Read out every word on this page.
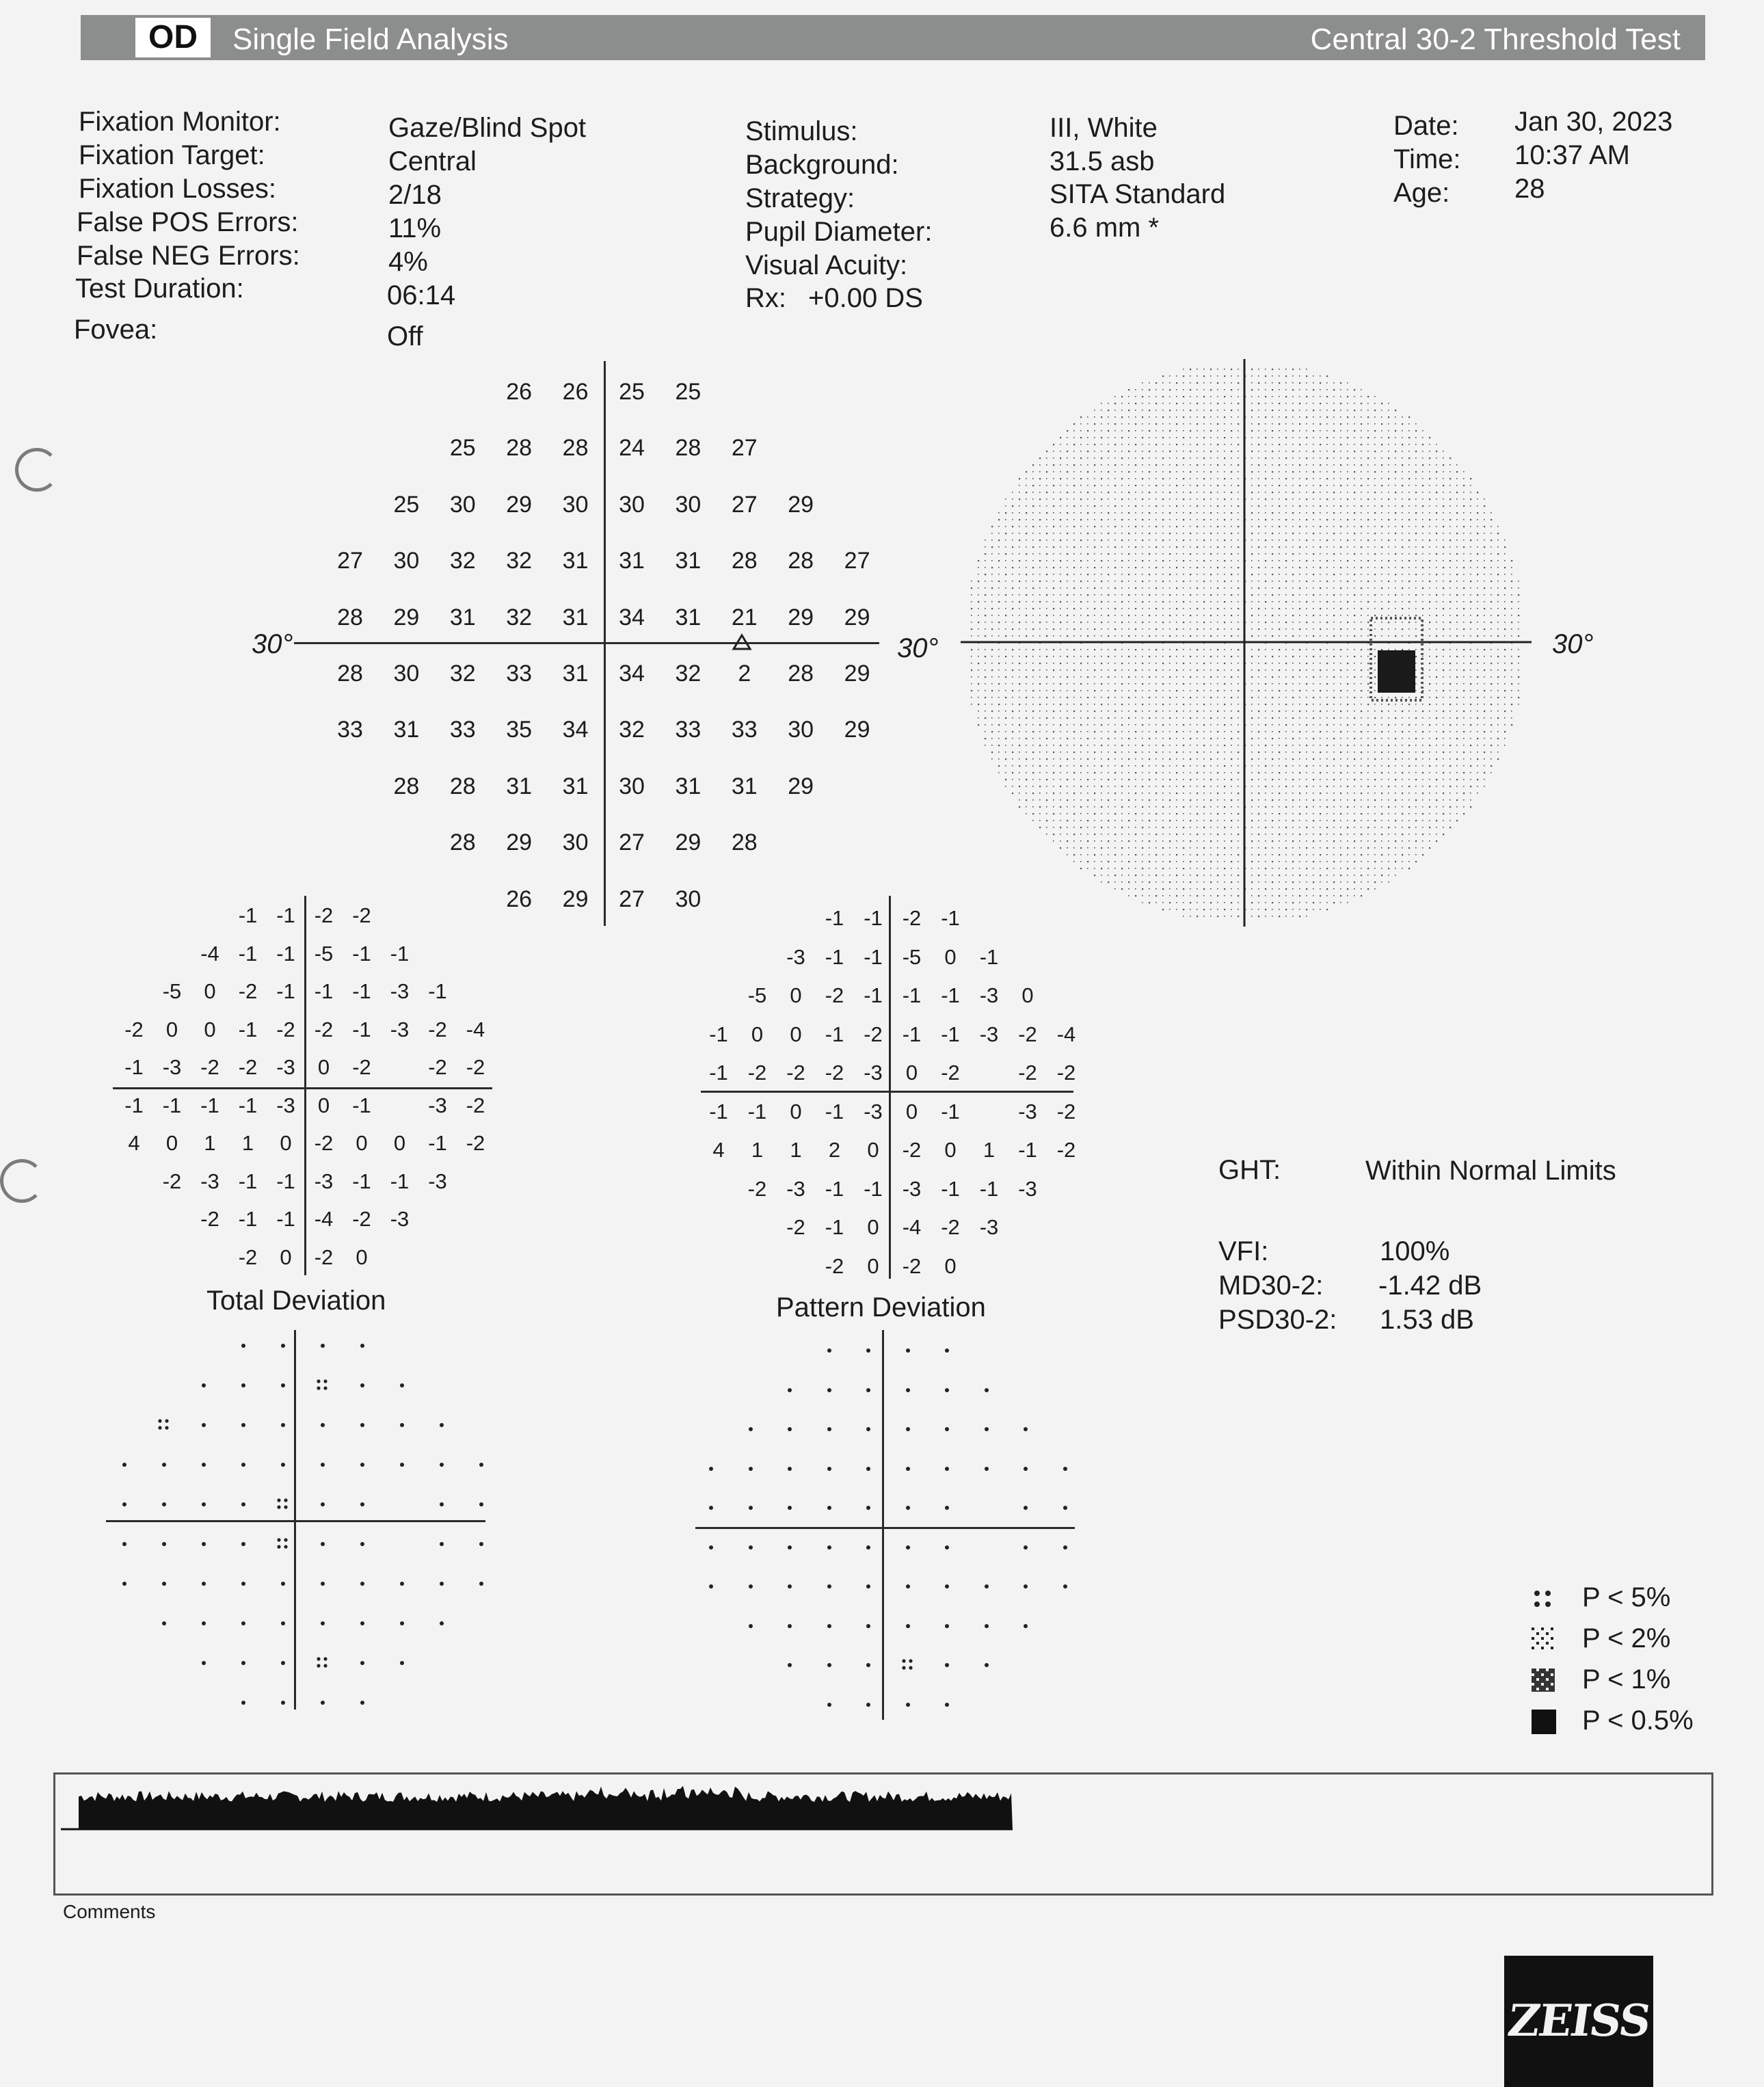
OD	Single Field Analysis	Central 30-2 Threshold Test
Fixation Monitor:	Gaze/Blind Spot
Fixation Target:	Central
Fixation Losses:	2/18
False POS Errors:	11%
False NEG Errors:	4%
Test Duration:	06:14
Fovea:	Off
Stimulus:	III, White
Background:	31.5 asb
Strategy:	SITA Standard
Pupil Diameter:	6.6 mm *
Visual Acuity:
Rx: +0.00 DS
Date: Jan 30, 2023
Time: 10:37 AM
Age: 28
26	26	25	25
25	28	28	24	28	27
25	30	29	30	30	30	27	29
27	30	32	32	31	31	31	28	28	27
28	29	31	32	31	34	31	21	29	29
28	30	32	33	31	34	32	2	28	29
33	31	33	35	34	32	33	33	30	29
28	28	31	31	30	31	31	29
28	29	30	27	29	28
26	29	27	30
30°	30°	30°
-1 -1 -2 -2
-4 -1 -1 -5 -1 -1
-5	0	-2 -1 -1 -1 -3 -1
-2	0	0	-1 -2 -2 -1 -3 -2 -4
-1 -3 -2 -2 -3	0	-2	-2 -2
-1 -1 -1 -1 -3	0	-1	-3 -2
4	0	1	1	0	-2	0	0	-1 -2
-2 -3 -1 -1 -3 -1 -1 -3
-2 -1 -1 -4 -2 -3
-2	0	-2	0
-1 -1 -2 -1
-3 -1 -1 -5	0	-1
-5	0	-2 -1 -1 -1 -3	0
-1	0	0	-1 -2 -1 -1 -3 -2 -4
-1 -2 -2 -2 -3	0	-2	-2 -2
-1 -1	0	-1 -3	0	-1	-3 -2
4	1	1	2	0	-2	0	1	-1 -2
-2 -3 -1 -1 -3 -1 -1 -3
-2 -1	0	-4 -2 -3
-2	0	-2	0
Total Deviation	Pattern Deviation
GHT:	Within Normal Limits
VFI:	100%
MD30-2: -1.42 dB
PSD30-2: 1.53 dB
P < 5%
P < 2%
P < 1%
P < 0.5%
Comments
ZEISS
